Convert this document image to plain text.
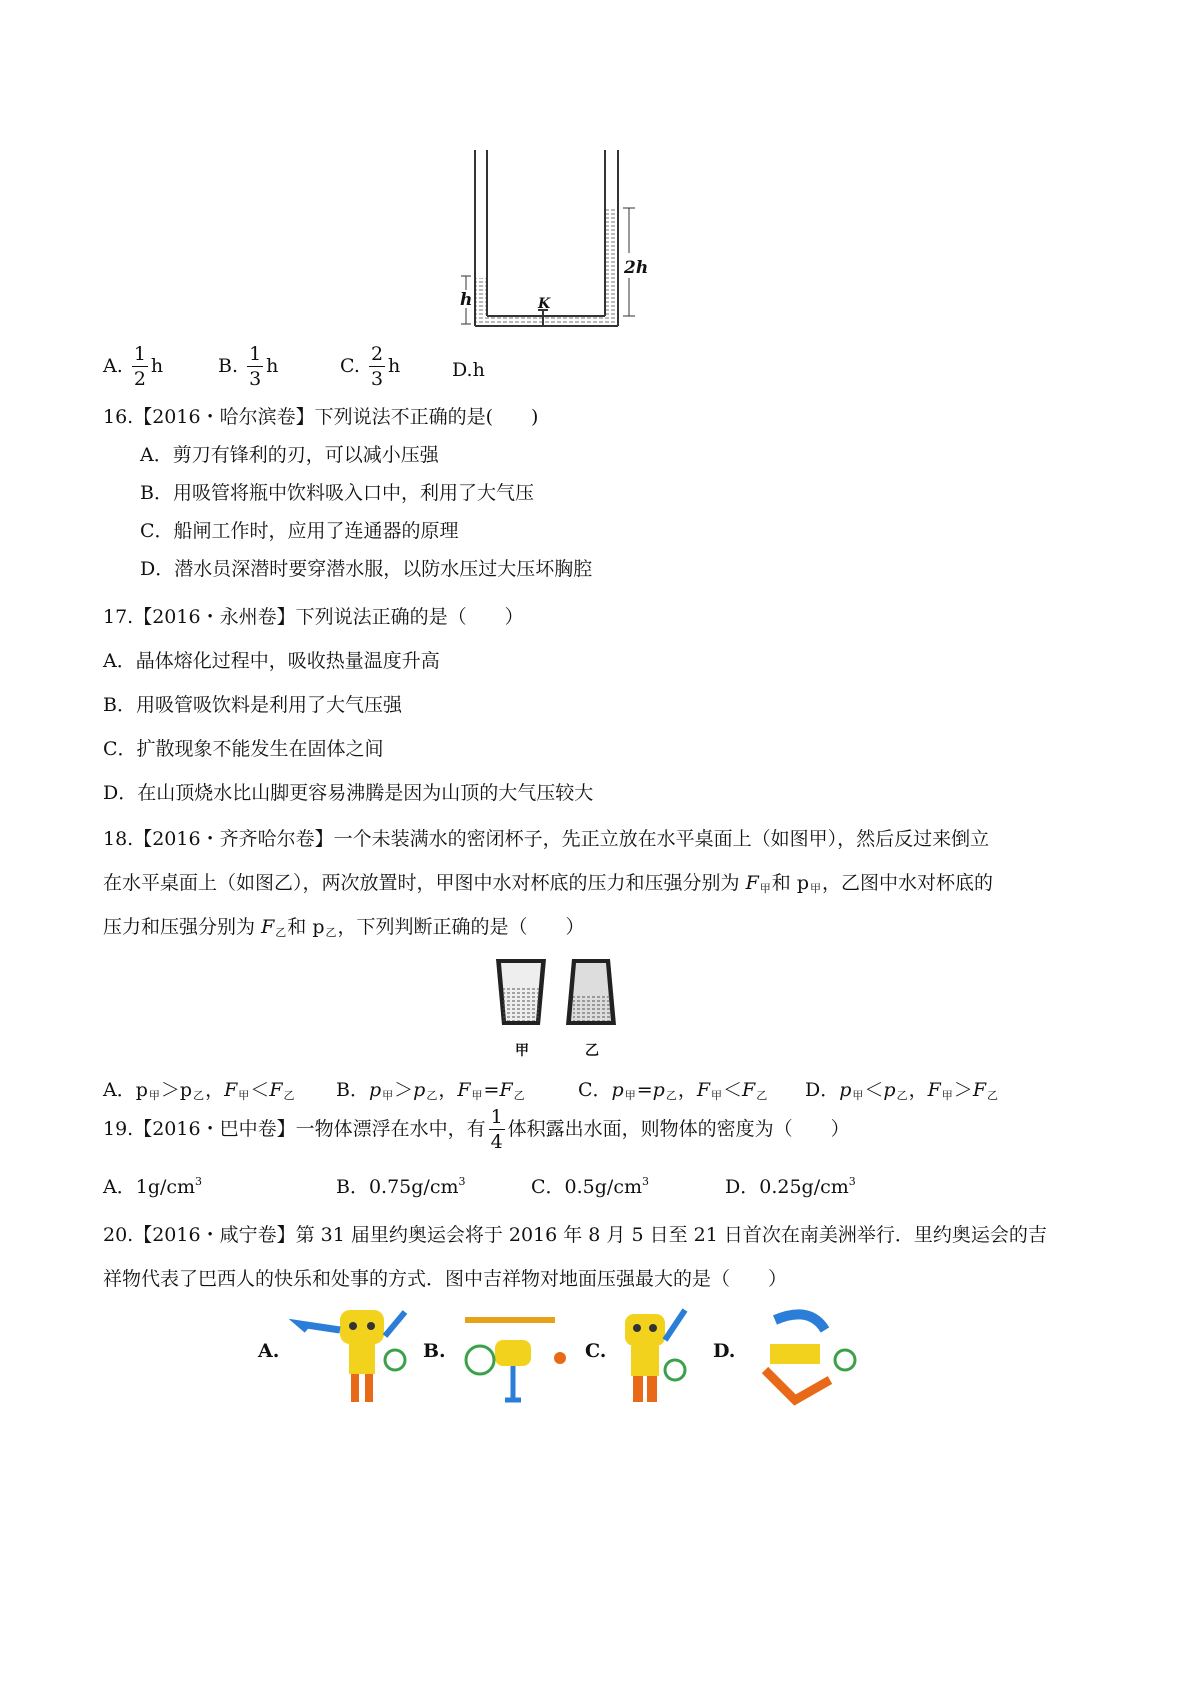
h
2h
K
A. $\frac{1}{2}$ h	B. $\frac{1}{3}$ h	C. $\frac{2}{3}$ h	D.h
16.【2016・哈尔滨卷】下列说法不正确的是(　　)
A．剪刀有锋利的刃，可以减小压强
B．用吸管将瓶中饮料吸入口中，利用了大气压
C．船闸工作时，应用了连通器的原理
D．潜水员深潜时要穿潜水服，以防水压过大压坏胸腔
17.【2016・永州卷】下列说法正确的是（　　）
A．晶体熔化过程中，吸收热量温度升高
B．用吸管吸饮料是利用了大气压强
C．扩散现象不能发生在固体之间
D．在山顶烧水比山脚更容易沸腾是因为山顶的大气压较大
18.【2016・齐齐哈尔卷】一个未装满水的密闭杯子，先正立放在水平桌面上（如图甲），然后反过来倒立
在水平桌面上（如图乙），两次放置时，甲图中水对杯底的压力和压强分别为 F甲和 p甲，乙图中水对杯底的
压力和压强分别为 F乙和 p乙，下列判断正确的是（　　）
甲	乙
A．p甲＞p乙，F甲＜F乙 B．p甲＞p乙，F甲=F乙	C．p甲=p乙，F甲＜F乙 D．p甲＜p乙，F甲＞F乙
19.【2016・巴中卷】一物体漂浮在水中，有 $\frac{1}{4}$ 体积露出水面，则物体的密度为（　　）
A．$1g/cm^3$	B．$0.75g/cm^3$	C．$0.5g/cm^3$	D．$0.25g/cm^3$
20.【2016・咸宁卷】第 31 届里约奥运会将于 2016 年 8 月 5 日至 21 日首次在南美洲举行．里约奥运会的吉
祥物代表了巴西人的快乐和处事的方式．图中吉祥物对地面压强最大的是（　　）
A.	B.	C.	D.
